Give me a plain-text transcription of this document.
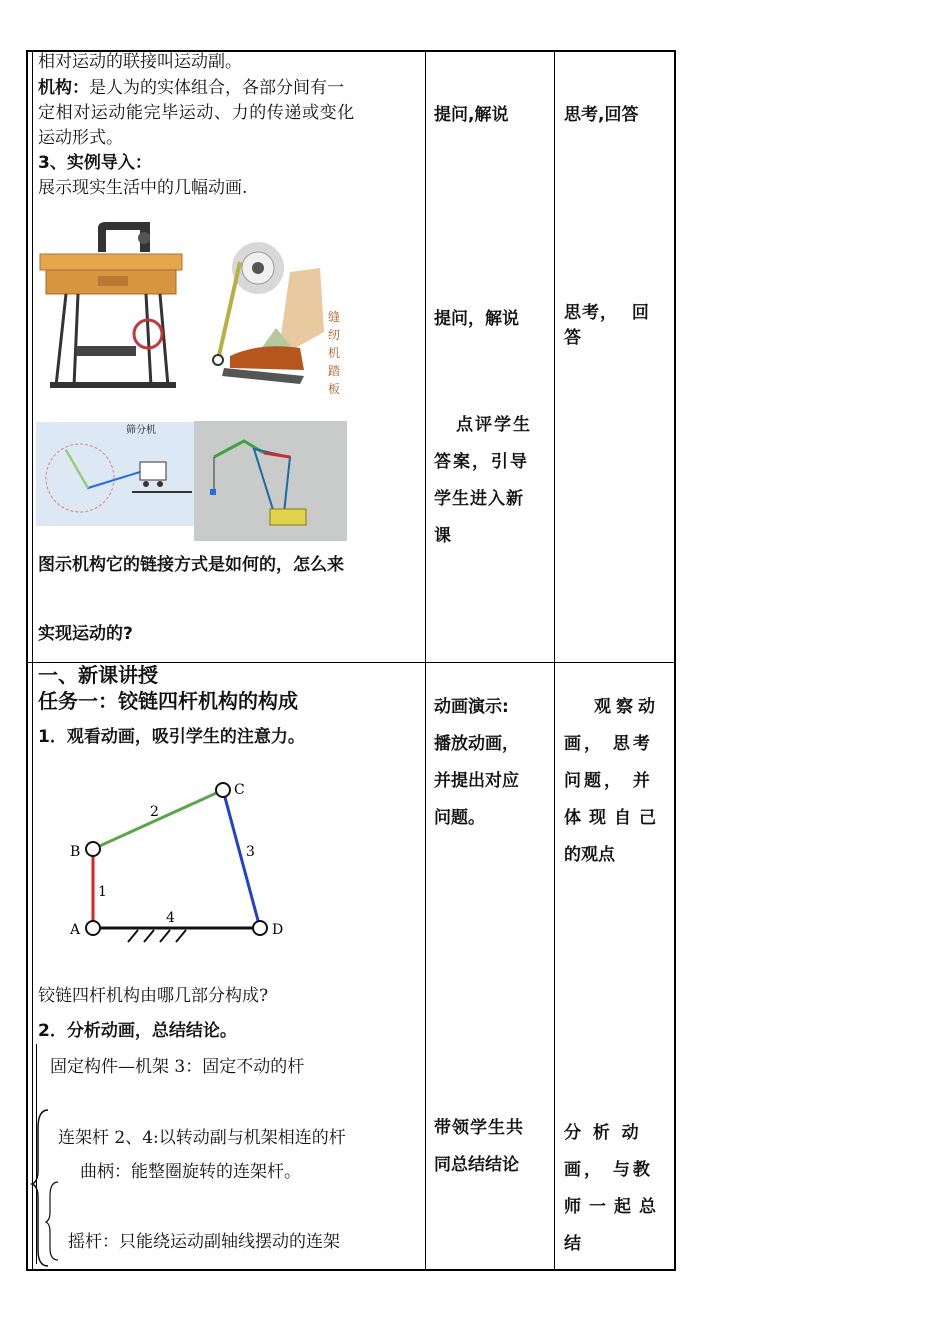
相对运动的联接叫运动副。
机构：是人为的实体组合，各部分间有一
定相对运动能完毕运动、力的传递或变化
运动形式。
3、实例导入：
展示现实生活中的几幅动画.
缝纫机踏板
筛分机
图示机构它的链接方式是如何的，怎么来
实现运动的?
提问,解说
提问，解说
点评学生
答案，引导
学生进入新
课
思考,回答
思考，  回
答
一、新课讲授
任务一：铰链四杆机构的构成
1．观看动画，吸引学生的注意力。
A
B
C
D
1
2
3
4
铰链四杆机构由哪几部分构成?
2．分析动画，总结结论。
固定构件—机架 3：固定不动的杆
连架杆 2、4:以转动副与机架相连的杆
曲柄：能整圈旋转的连架杆。
摇杆：只能绕运动副轴线摆动的连架
动画演示:
播放动画，
并提出对应
问题。
带领学生共
同总结结论
观察动
画， 思考
问题， 并
体现自己
的观点
分  析  动
画， 与教
师一起总
结
